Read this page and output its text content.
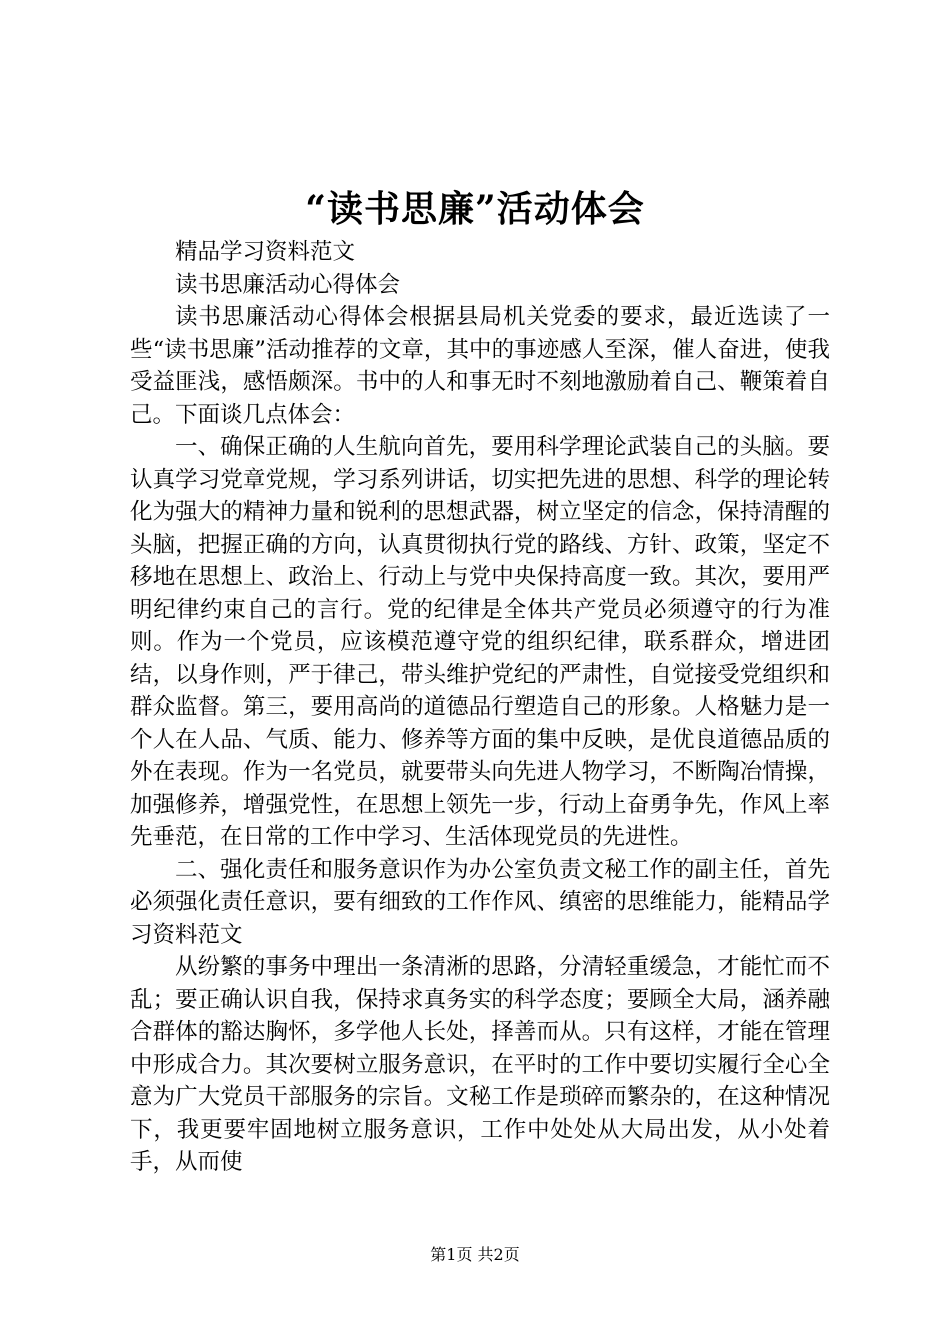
“读书思廉”活动体会

精品学习资料范文

读书思廉活动心得体会

读书思廉活动心得体会根据县局机关党委的要求，最近选读了一些“读书思廉”活动推荐的文章，其中的事迹感人至深，催人奋进，使我受益匪浅，感悟颇深。书中的人和事无时不刻地激励着自己、鞭策着自己。下面谈几点体会：

一、确保正确的人生航向首先，要用科学理论武装自己的头脑。要认真学习党章党规，学习系列讲话，切实把先进的思想、科学的理论转化为强大的精神力量和锐利的思想武器，树立坚定的信念，保持清醒的头脑，把握正确的方向，认真贯彻执行党的路线、方针、政策，坚定不移地在思想上、政治上、行动上与党中央保持高度一致。其次，要用严明纪律约束自己的言行。党的纪律是全体共产党员必须遵守的行为准则。作为一个党员，应该模范遵守党的组织纪律，联系群众，增进团结，以身作则，严于律己，带头维护党纪的严肃性，自觉接受党组织和群众监督。第三，要用高尚的道德品行塑造自己的形象。人格魅力是一个人在人品、气质、能力、修养等方面的集中反映，是优良道德品质的外在表现。作为一名党员，就要带头向先进人物学习，不断陶冶情操，加强修养，增强党性，在思想上领先一步，行动上奋勇争先，作风上率先垂范，在日常的工作中学习、生活体现党员的先进性。

二、强化责任和服务意识作为办公室负责文秘工作的副主任，首先必须强化责任意识，要有细致的工作作风、缜密的思维能力，能精品学习资料范文

从纷繁的事务中理出一条清淅的思路，分清轻重缓急，才能忙而不乱；要正确认识自我，保持求真务实的科学态度；要顾全大局，涵养融合群体的豁达胸怀，多学他人长处，择善而从。只有这样，才能在管理中形成合力。其次要树立服务意识，在平时的工作中要切实履行全心全意为广大党员干部服务的宗旨。文秘工作是琐碎而繁杂的，在这种情况下，我更要牢固地树立服务意识，工作中处处从大局出发，从小处着手，从而使

第1页 共2页
